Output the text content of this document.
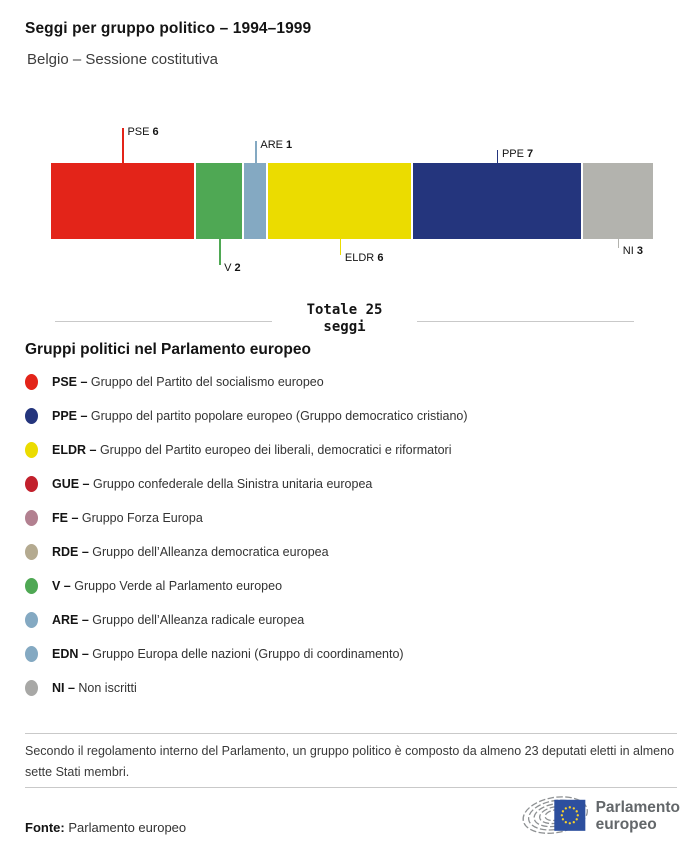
Seggi per gruppo politico – 1994–1999
Belgio – Sessione costitutiva
PSE 6
V 2
ARE 1
ELDR 6
PPE 7
NI 3
Totale 25
seggi
Gruppi politici nel Parlamento europeo
PSE – Gruppo del Partito del socialismo europeo
PPE – Gruppo del partito popolare europeo (Gruppo democratico cristiano)
ELDR – Gruppo del Partito europeo dei liberali, democratici e riformatori
GUE – Gruppo confederale della Sinistra unitaria europea
FE – Gruppo Forza Europa
RDE – Gruppo dell’Alleanza democratica europea
V – Gruppo Verde al Parlamento europeo
ARE – Gruppo dell’Alleanza radicale europea
EDN – Gruppo Europa delle nazioni (Gruppo di coordinamento)
NI – Non iscritti
Secondo il regolamento interno del Parlamento, un gruppo politico è composto da almeno 23 deputati eletti in almeno sette Stati membri.
Fonte: Parlamento europeo
Parlamento
europeo
